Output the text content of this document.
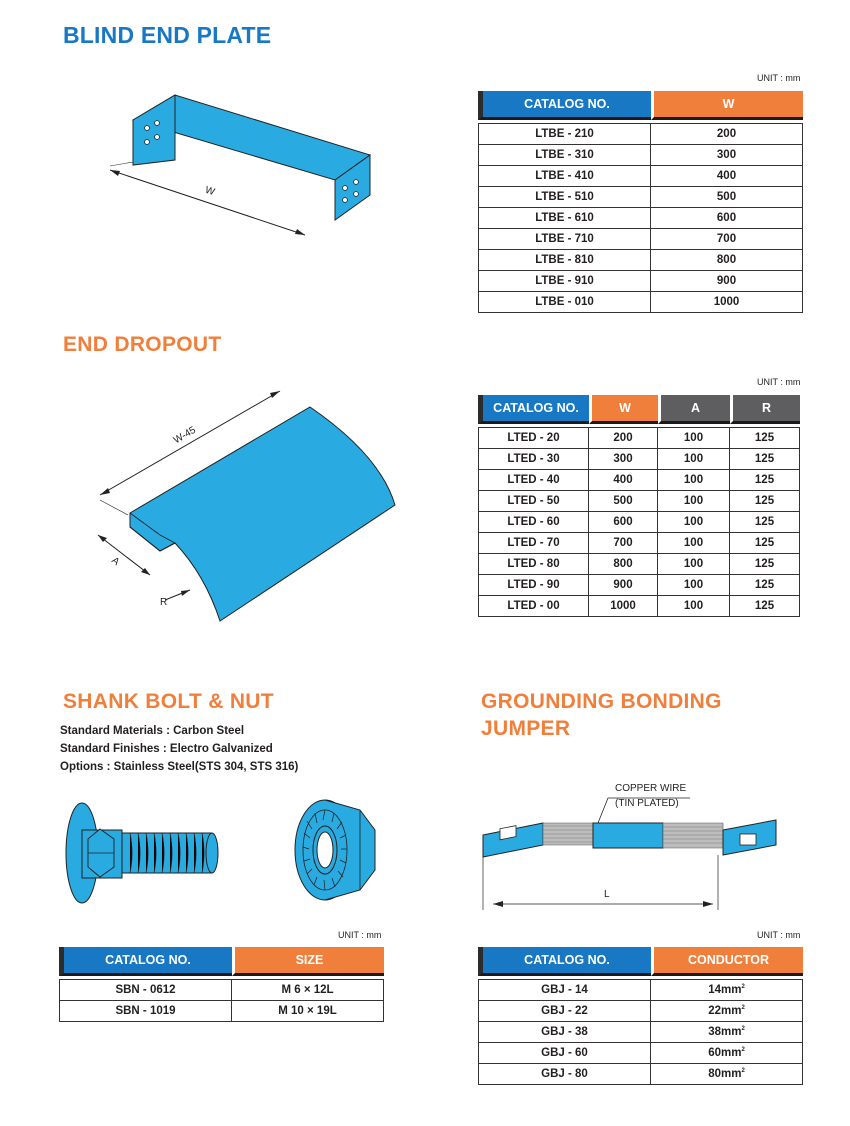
BLIND END PLATE
W
UNIT : mm
CATALOG NO.	W

LTBE - 210	200
LTBE - 310	300
LTBE - 410	400
LTBE - 510	500
LTBE - 610	600
LTBE - 710	700
LTBE - 810	800
LTBE - 910	900
LTBE - 010	1000
END DROPOUT
W-45
A
R
UNIT : mm
CATALOG NO.	W	A	R

LTED - 20	200	100	125
LTED - 30	300	100	125
LTED - 40	400	100	125
LTED - 50	500	100	125
LTED - 60	600	100	125
LTED - 70	700	100	125
LTED - 80	800	100	125
LTED - 90	900	100	125
LTED - 00	1000	100	125
SHANK BOLT & NUT
Standard Materials : Carbon Steel
Standard Finishes : Electro Galvanized
Options : Stainless Steel(STS 304, STS 316)
UNIT : mm
CATALOG NO.	SIZE

SBN - 0612	M 6 × 12L
SBN - 1019	M 10 × 19L
GROUNDING BONDING
JUMPER
COPPER WIRE
(TIN PLATED)
L
UNIT : mm
CATALOG NO.	CONDUCTOR

GBJ - 14	$14mm^2$
GBJ - 22	$22mm^2$
GBJ - 38	$38mm^2$
GBJ - 60	$60mm^2$
GBJ - 80	$80mm^2$
